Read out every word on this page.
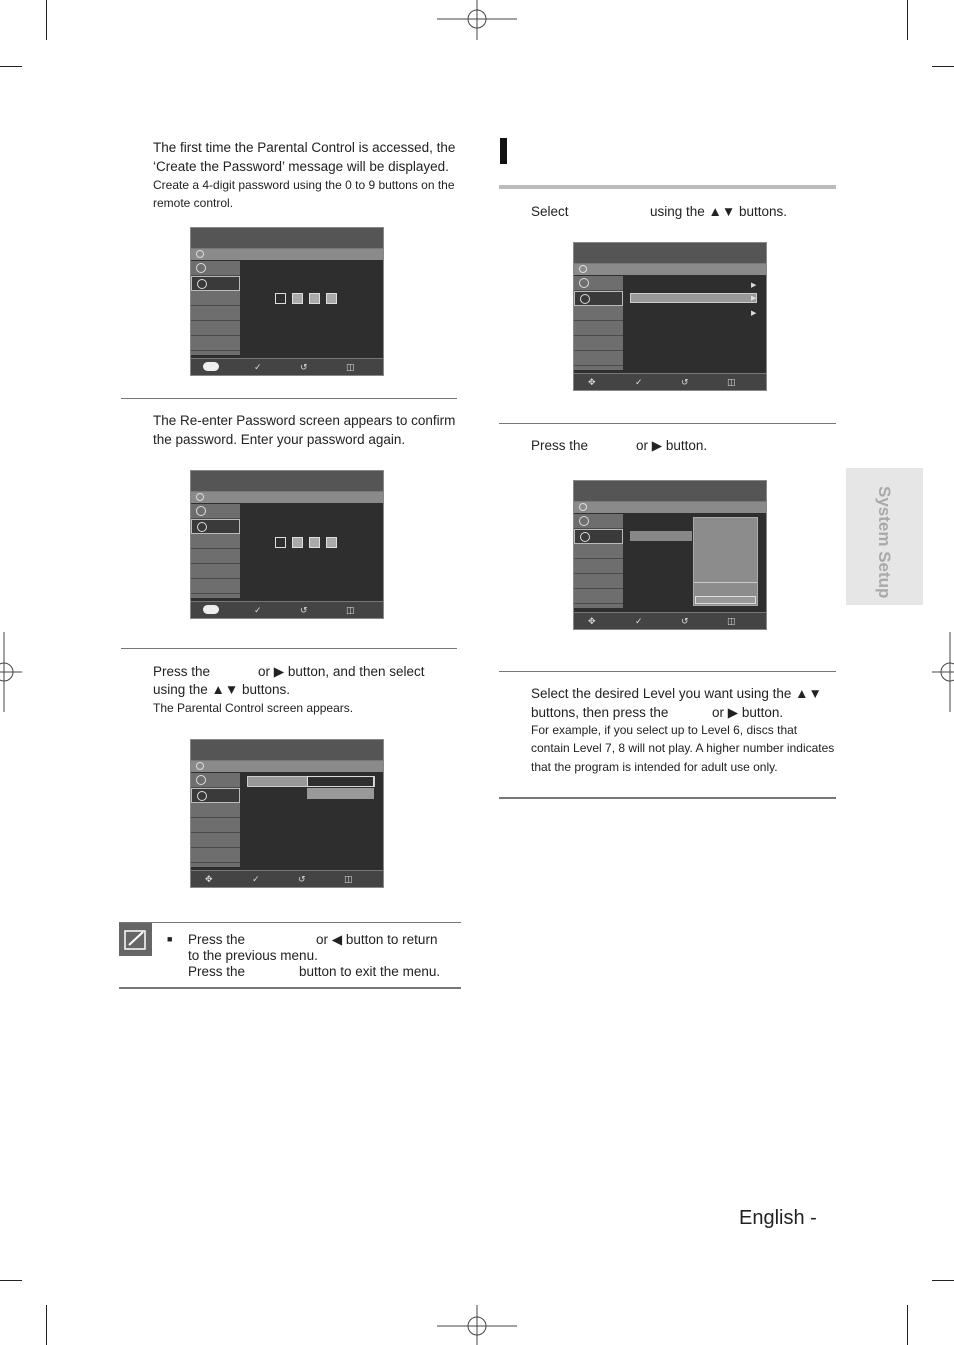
The first time the Parental Control is accessed, the
‘Create the Password’ message will be displayed.
Create a 4-digit password using the 0 to 9 buttons on the
remote control.
✓	↺	◫
The Re-enter Password screen appears to confirm
the password. Enter your password again.
✓	↺	◫
Press the	or ▶ button, and then select
using the ▲▼ buttons.
The Parental Control screen appears.
✥	✓	↺	◫
■ Press the	or ◀ button to return
to the previous menu.
Press the	button to exit the menu.
Select	using the ▲▼ buttons.
▶
▶
▶
✥	✓	↺	◫
Press the	or ▶ button.
✥	✓	↺	◫
Select the desired Level you want using the ▲▼
buttons, then press the	or ▶ button.
For example, if you select up to Level 6, discs that
contain Level 7, 8 will not play. A higher number indicates
that the program is intended for adult use only.
System Setup
English -
